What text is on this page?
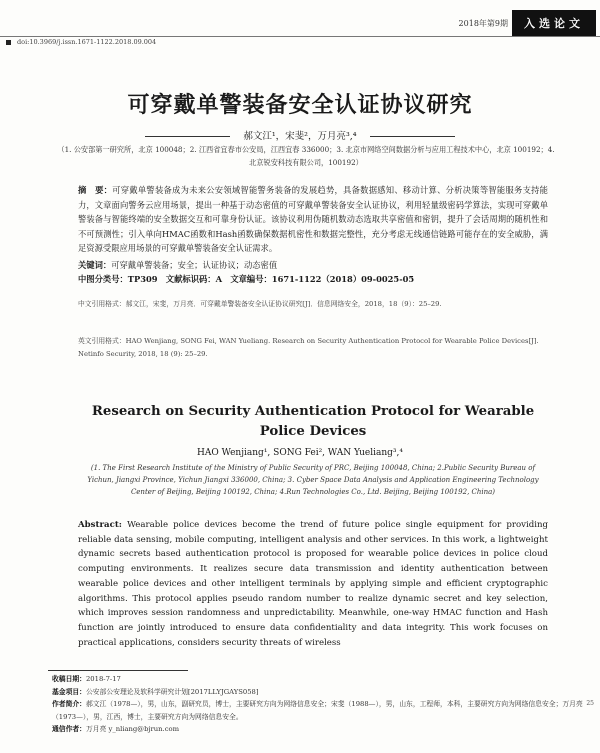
2018年第9期	入选论文
doi:10.3969/j.issn.1671-1122.2018.09.004
可穿戴单警装备安全认证协议研究
郝文江¹，宋斐²，万月亮³,⁴
（1. 公安部第一研究所，北京 100048；2. 江西省宜春市公安局，江西宜春 336000；3. 北京市网络空间数据分析与应用工程技术中心，北京 100192；4. 北京锐安科技有限公司，100192）
摘　要：可穿戴单警装备成为未来公安领域智能警务装备的发展趋势，具备数据感知、移动计算、分析决策等智能服务支持能力，文章面向警务云应用场景，提出一种基于动态密值的可穿戴单警装备安全认证协议，利用轻量级密码学算法，实现可穿戴单警装备与智能终端的安全数据交互和可靠身份认证。该协议利用伪随机数动态选取共享密值和密钥，提升了会话周期的随机性和不可预测性；引入单向HMAC函数和Hash函数确保数据机密性和数据完整性，充分考虑无线通信链路可能存在的安全威胁，满足资源受限应用场景的可穿戴单警装备安全认证需求。
关键词：可穿戴单警装备；安全；认证协议；动态密值
中图分类号：TP309　文献标识码：A　文章编号：1671-1122（2018）09-0025-05
中文引用格式：郝文江，宋斐，万月亮．可穿戴单警装备安全认证协议研究[J]．信息网络安全，2018，18（9）：25–29.
英文引用格式：HAO Wenjiang, SONG Fei, WAN Yueliang. Research on Security Authentication Protocol for Wearable Police Devices[J]. Netinfo Security, 2018, 18 (9): 25–29.
Research on Security Authentication Protocol for Wearable Police Devices
HAO Wenjiang¹, SONG Fei², WAN Yueliang³,⁴
(1. The First Research Institute of the Ministry of Public Security of PRC, Beijing 100048, China; 2.Public Security Bureau of Yichun, Jiangxi Province, Yichun Jiangxi 336000, China; 3. Cyber Space Data Analysis and Application Engineering Technology Center of Beijing, Beijing 100192, China; 4.Run Technologies Co., Ltd. Beijing, Beijing 100192, China)
Abstract: Wearable police devices become the trend of future police single equipment for providing reliable data sensing, mobile computing, intelligent analysis and other services. In this work, a lightweight dynamic secrets based authentication protocol is proposed for wearable police devices in police cloud computing environments. It realizes secure data transmission and identity authentication between wearable police devices and other intelligent terminals by applying simple and efficient cryptographic algorithms. This protocol applies pseudo random number to realize dynamic secret and key selection, which improves session randomness and unpredictability. Meanwhile, one-way HMAC function and Hash function are jointly introduced to ensure data confidentiality and data integrity. This work focuses on practical applications, considers security threats of wireless
收稿日期：2018-7-17
基金项目：公安部公安理论及软科学研究计划[2017LLYJGAYS058]
作者简介：郝文江（1978—），男，山东，副研究员，博士，主要研究方向为网络信息安全；宋斐（1988—），男，山东，工程师，本科，主要研究方向为网络信息安全；万月亮（1973—），男，江西，博士，主要研究方向为网络信息安全。
通信作者：万月亮 y_nliang@bjrun.com
25
